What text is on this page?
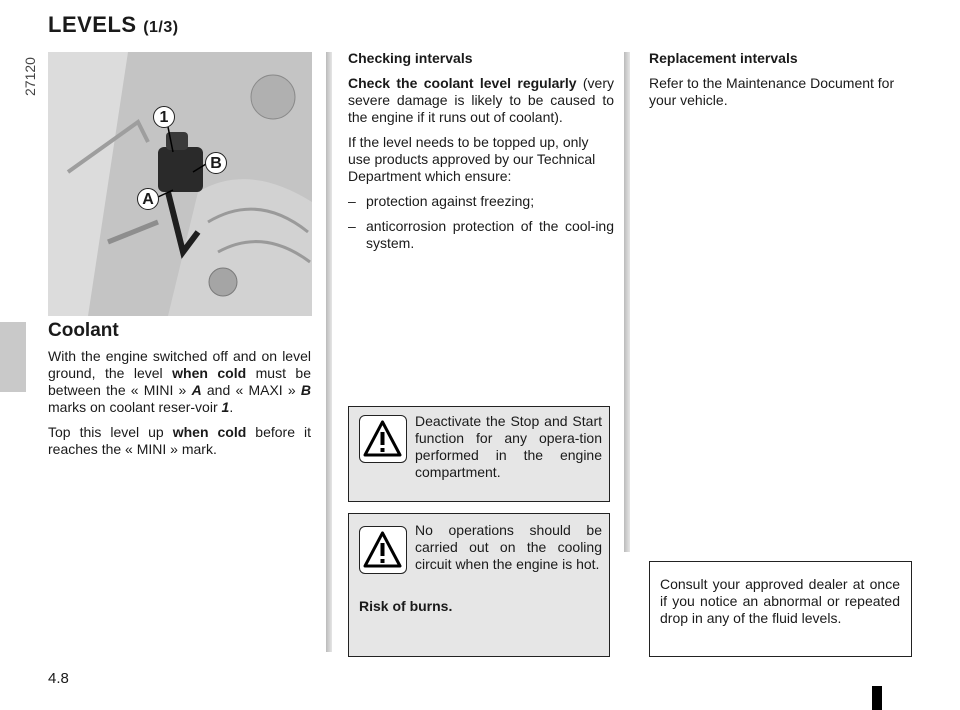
LEVELS (1/3)
27120
1
B
A
Coolant

With the engine switched off and on level ground, the level when cold must be between the « MINI » A and « MAXI » B marks on coolant reser-voir 1.

Top this level up when cold before it reaches the « MINI » mark.

Checking intervals

Check the coolant level regularly (very severe damage is likely to be caused to the engine if it runs out of coolant).

If the level needs to be topped up, only use products approved by our Technical Department which ensure:

– protection against freezing;
– anticorrosion protection of the cool-ing system.

Replacement intervals

Refer to the Maintenance Document for your vehicle.

Deactivate the Stop and Start function for any opera-tion performed in the engine compartment.
No operations should be carried out on the cooling circuit when the engine is hot.
Risk of burns.
Consult your approved dealer at once if you notice an abnormal or repeated drop in any of the fluid levels.
4.8
